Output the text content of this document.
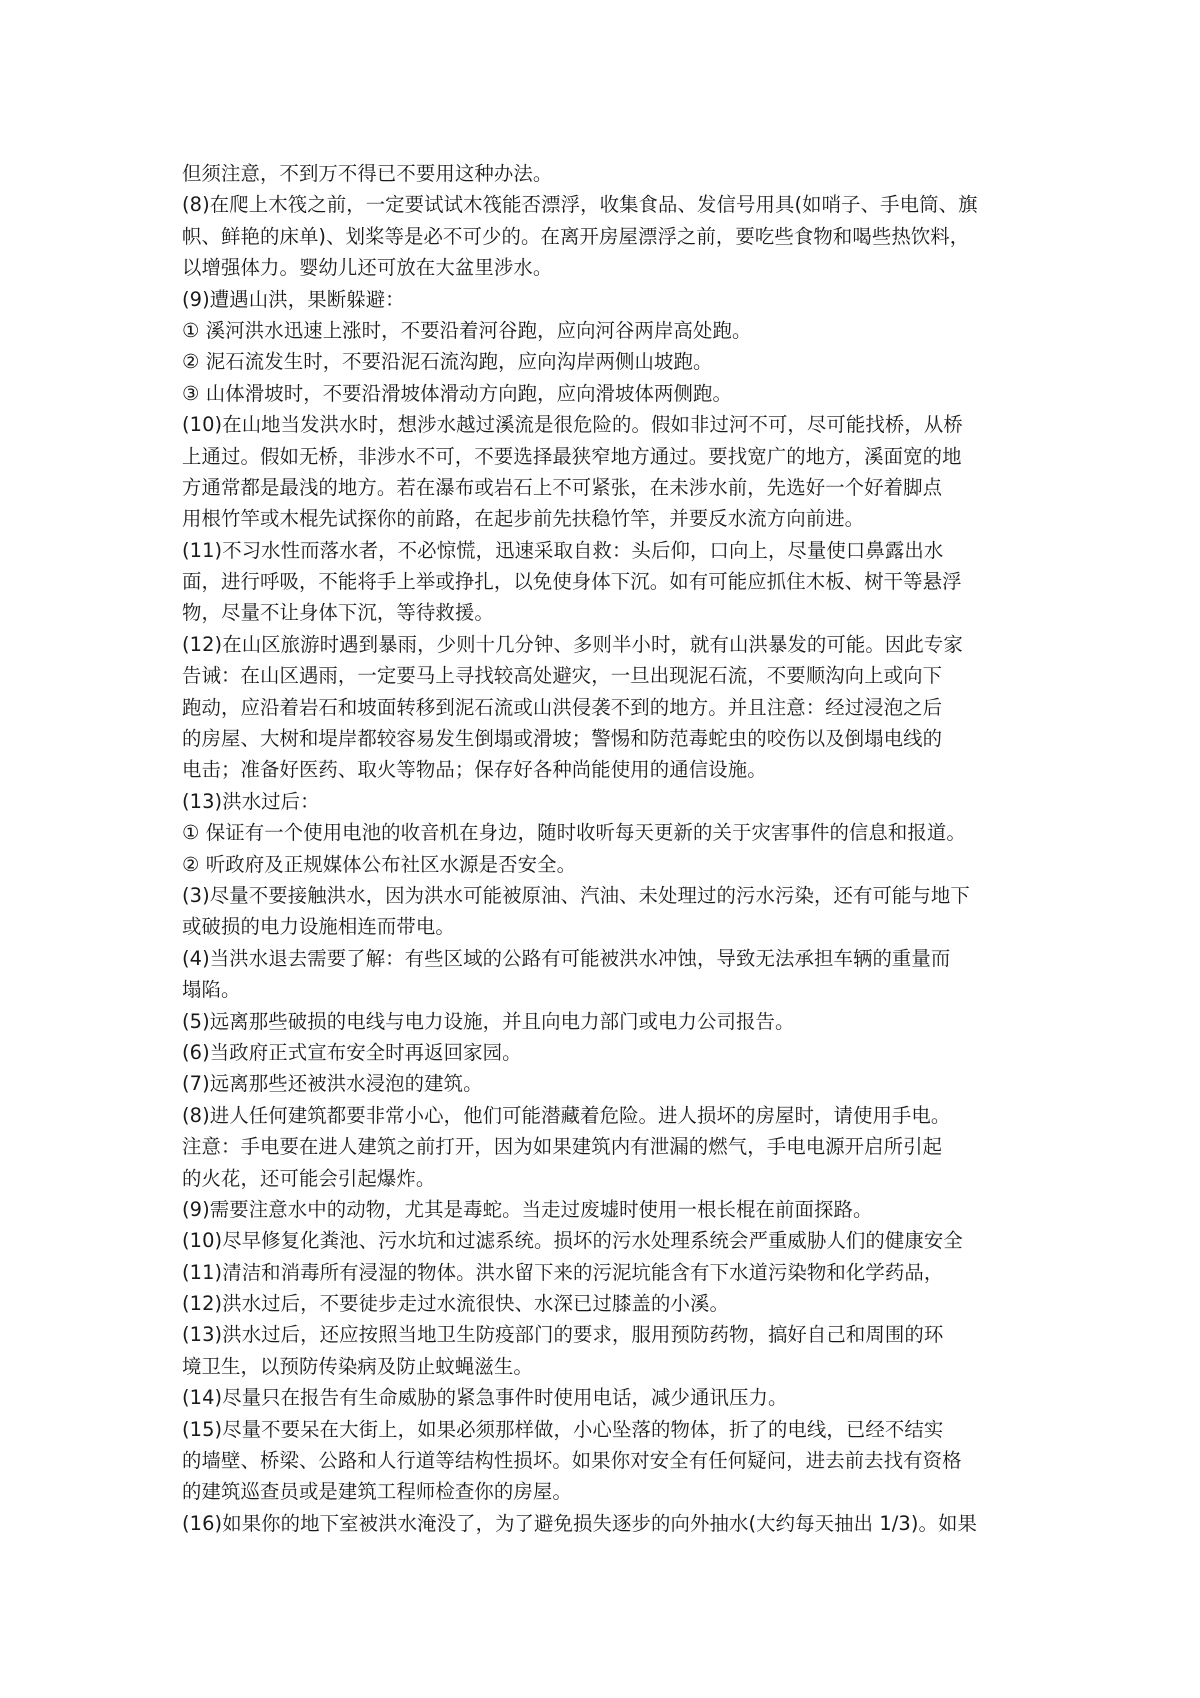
但须注意，不到万不得已不要用这种办法。
(8)在爬上木筏之前，一定要试试木筏能否漂浮，收集食品、发信号用具(如哨子、手电筒、旗
帜、鲜艳的床单)、划桨等是必不可少的。在离开房屋漂浮之前，要吃些食物和喝些热饮料，
以增强体力。婴幼儿还可放在大盆里涉水。
(9)遭遇山洪，果断躲避：
① 溪河洪水迅速上涨时，不要沿着河谷跑，应向河谷两岸高处跑。
② 泥石流发生时，不要沿泥石流沟跑，应向沟岸两侧山坡跑。
③ 山体滑坡时，不要沿滑坡体滑动方向跑，应向滑坡体两侧跑。
(10)在山地当发洪水时，想涉水越过溪流是很危险的。假如非过河不可，尽可能找桥，从桥
上通过。假如无桥，非涉水不可，不要选择最狭窄地方通过。要找宽广的地方，溪面宽的地
方通常都是最浅的地方。若在瀑布或岩石上不可紧张，在未涉水前，先选好一个好着脚点
用根竹竿或木棍先试探你的前路，在起步前先扶稳竹竿，并要反水流方向前进。
(11)不习水性而落水者，不必惊慌，迅速采取自救：头后仰，口向上，尽量使口鼻露出水
面，进行呼吸，不能将手上举或挣扎，以免使身体下沉。如有可能应抓住木板、树干等悬浮
物，尽量不让身体下沉，等待救援。
(12)在山区旅游时遇到暴雨，少则十几分钟、多则半小时，就有山洪暴发的可能。因此专家
告诫：在山区遇雨，一定要马上寻找较高处避灾，一旦出现泥石流，不要顺沟向上或向下
跑动，应沿着岩石和坡面转移到泥石流或山洪侵袭不到的地方。并且注意：经过浸泡之后
的房屋、大树和堤岸都较容易发生倒塌或滑坡；警惕和防范毒蛇虫的咬伤以及倒塌电线的
电击；准备好医药、取火等物品；保存好各种尚能使用的通信设施。
(13)洪水过后：
① 保证有一个使用电池的收音机在身边，随时收听每天更新的关于灾害事件的信息和报道。
② 听政府及正规媒体公布社区水源是否安全。
(3)尽量不要接触洪水，因为洪水可能被原油、汽油、未处理过的污水污染，还有可能与地下
或破损的电力设施相连而带电。
(4)当洪水退去需要了解：有些区域的公路有可能被洪水冲蚀，导致无法承担车辆的重量而
塌陷。
(5)远离那些破损的电线与电力设施，并且向电力部门或电力公司报告。
(6)当政府正式宣布安全时再返回家园。
(7)远离那些还被洪水浸泡的建筑。
(8)进人任何建筑都要非常小心，他们可能潜藏着危险。进人损坏的房屋时，请使用手电。
注意：手电要在进人建筑之前打开，因为如果建筑内有泄漏的燃气，手电电源开启所引起
的火花，还可能会引起爆炸。
(9)需要注意水中的动物，尤其是毒蛇。当走过废墟时使用一根长棍在前面探路。
(10)尽早修复化粪池、污水坑和过滤系统。损坏的污水处理系统会严重威胁人们的健康安全
(11)清洁和消毒所有浸湿的物体。洪水留下来的污泥坑能含有下水道污染物和化学药品，
(12)洪水过后，不要徒步走过水流很快、水深已过膝盖的小溪。
(13)洪水过后，还应按照当地卫生防疫部门的要求，服用预防药物，搞好自己和周围的环
境卫生，以预防传染病及防止蚊蝇滋生。
(14)尽量只在报告有生命威胁的紧急事件时使用电话，减少通讯压力。
(15)尽量不要呆在大街上，如果必须那样做，小心坠落的物体，折了的电线，已经不结实
的墙壁、桥梁、公路和人行道等结构性损坏。如果你对安全有任何疑问，进去前去找有资格
的建筑巡查员或是建筑工程师检查你的房屋。
(16)如果你的地下室被洪水淹没了，为了避免损失逐步的向外抽水(大约每天抽出 1/3)。如果
